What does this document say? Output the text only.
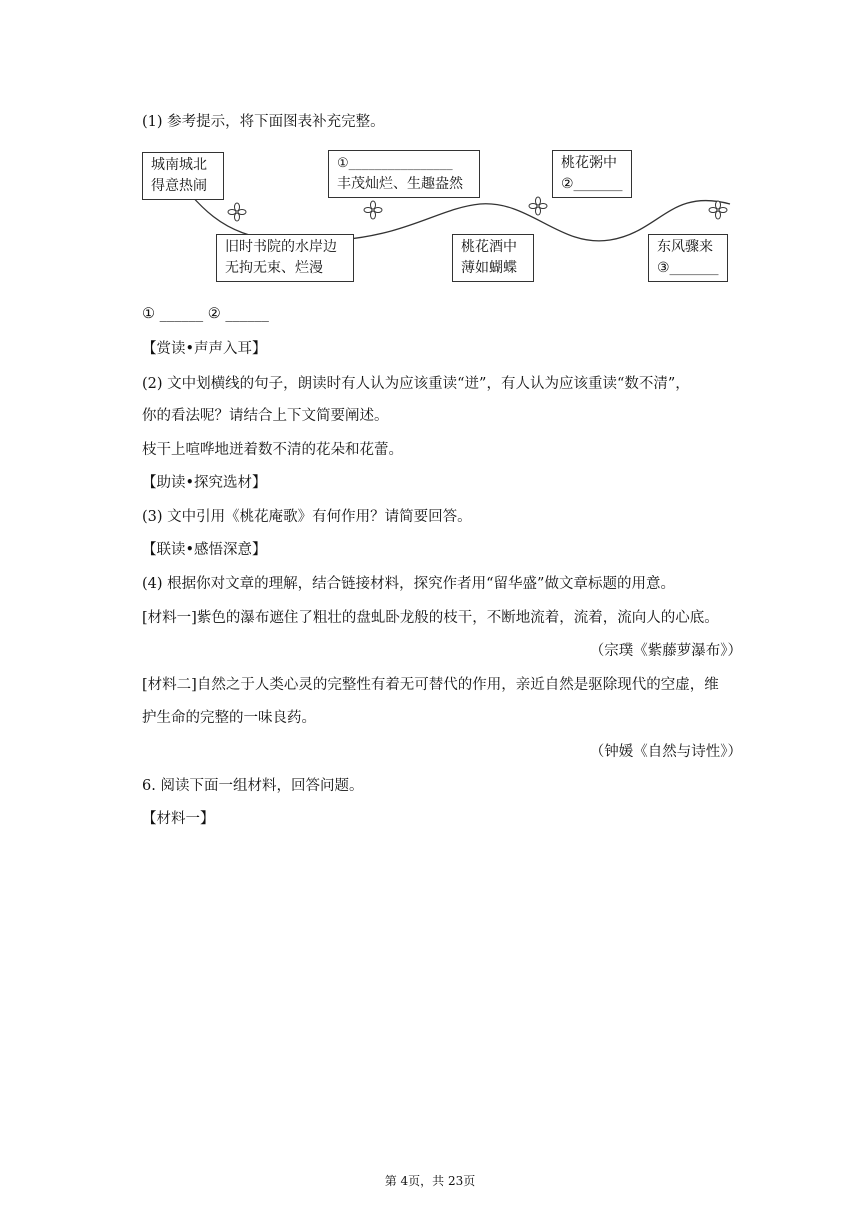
(1) 参考提示，将下面图表补充完整。
城南城北
得意热闹
旧时书院的水岸边
无拘无束、烂漫
①________________
丰茂灿烂、生趣盎然
桃花酒中
薄如蝴蝶
桃花粥中
②_______
东风骤来
③_______
① ______ ② ______
【赏读•声声入耳】
(2) 文中划横线的句子，朗读时有人认为应该重读“迸”，有人认为应该重读“数不清”，
你的看法呢？请结合上下文简要阐述。
枝干上喧哗地迸着数不清的花朵和花蕾。
【助读•探究选材】
(3) 文中引用《桃花庵歌》有何作用？请简要回答。
【联读•感悟深意】
(4) 根据你对文章的理解，结合链接材料，探究作者用“留华盛”做文章标题的用意。
[材料一]紫色的瀑布遮住了粗壮的盘虬卧龙般的枝干，不断地流着，流着，流向人的心底。
（宗璞《紫藤萝瀑布》）
[材料二]自然之于人类心灵的完整性有着无可替代的作用，亲近自然是驱除现代的空虚，维
护生命的完整的一味良药。
（钟媛《自然与诗性》）
6. 阅读下面一组材料，回答问题。
【材料一】
第 4页，共 23页
